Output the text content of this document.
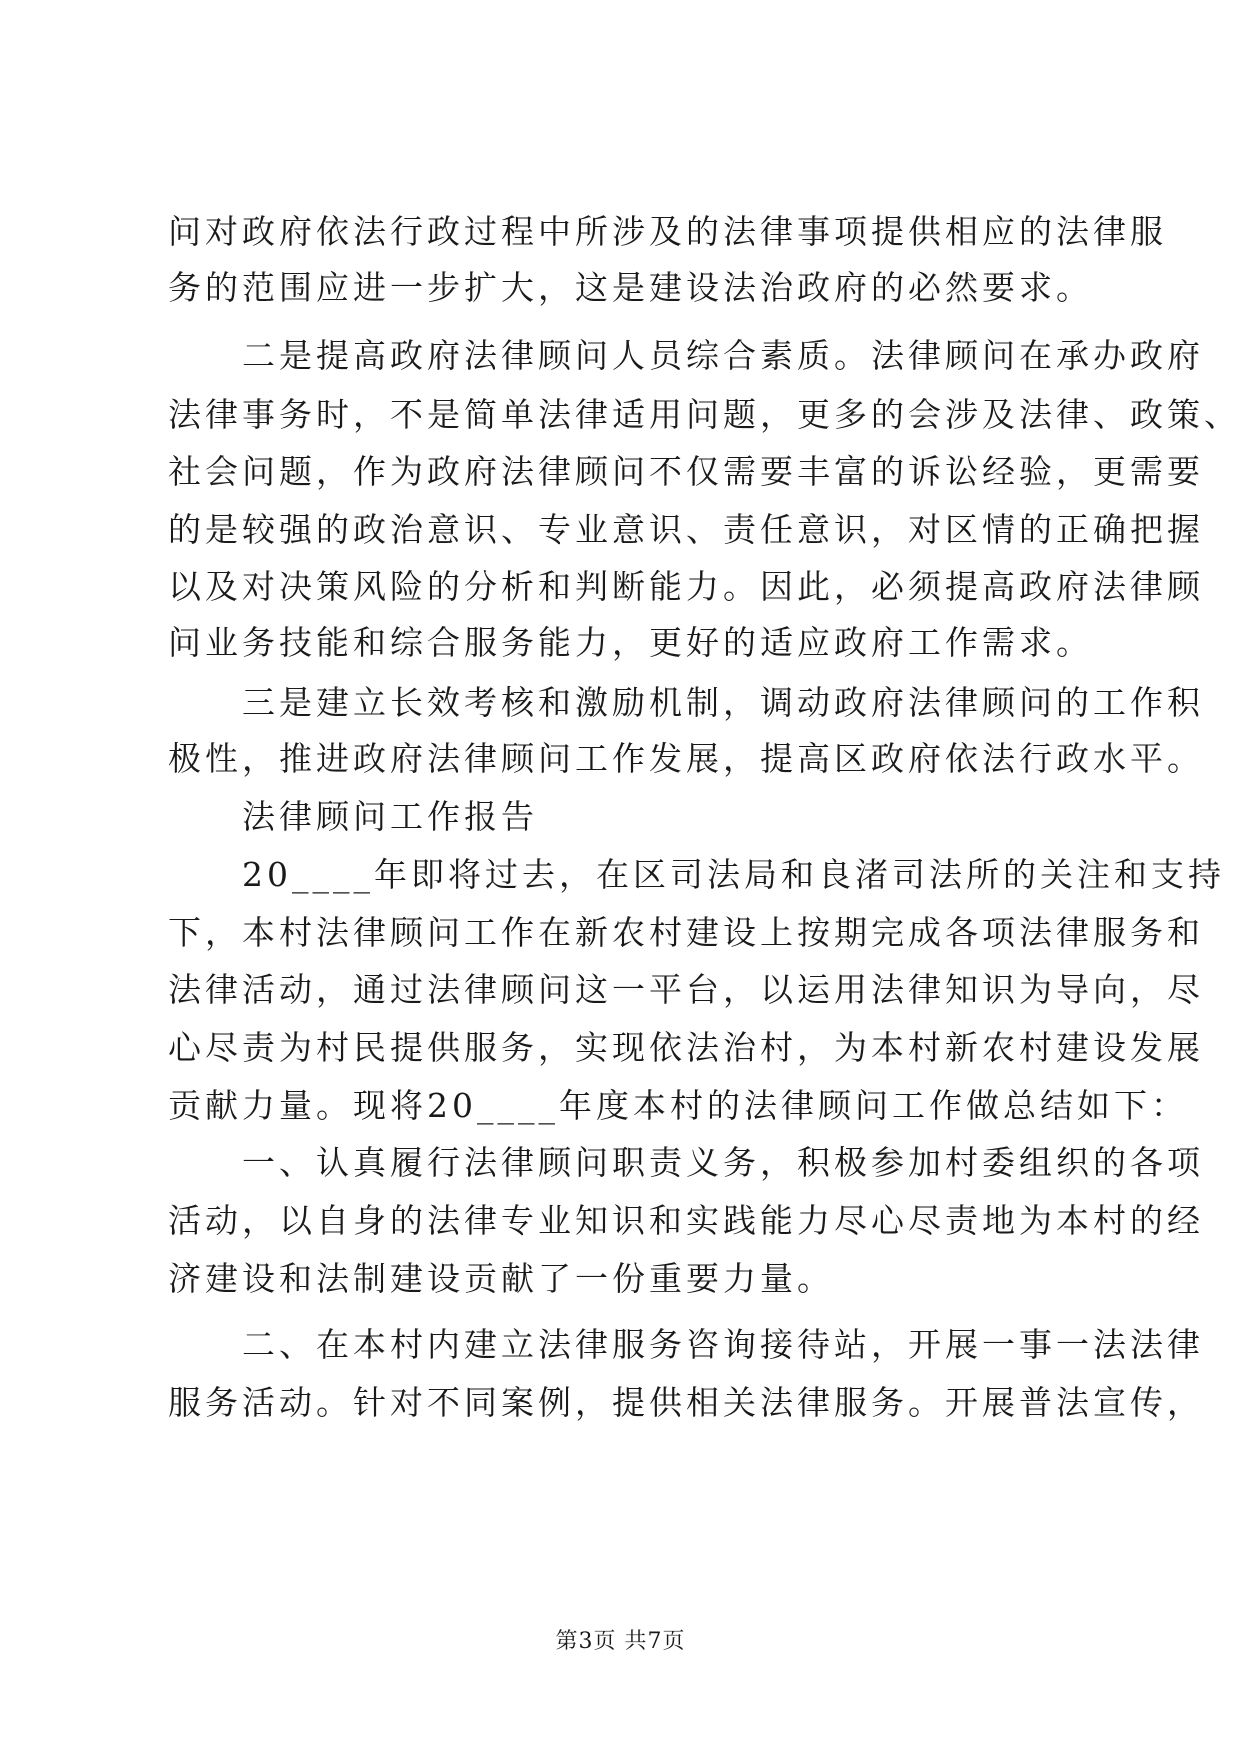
问对政府依法行政过程中所涉及的法律事项提供相应的法律服
务的范围应进一步扩大，这是建设法治政府的必然要求。
　　二是提高政府法律顾问人员综合素质。法律顾问在承办政府
法律事务时，不是简单法律适用问题，更多的会涉及法律、政策、
社会问题，作为政府法律顾问不仅需要丰富的诉讼经验，更需要
的是较强的政治意识、专业意识、责任意识，对区情的正确把握
以及对决策风险的分析和判断能力。因此，必须提高政府法律顾
问业务技能和综合服务能力，更好的适应政府工作需求。
　　三是建立长效考核和激励机制，调动政府法律顾问的工作积
极性，推进政府法律顾问工作发展，提高区政府依法行政水平。
　　法律顾问工作报告
　　20____年即将过去，在区司法局和良渚司法所的关注和支持
下，本村法律顾问工作在新农村建设上按期完成各项法律服务和
法律活动，通过法律顾问这一平台，以运用法律知识为导向，尽
心尽责为村民提供服务，实现依法治村，为本村新农村建设发展
贡献力量。现将20____年度本村的法律顾问工作做总结如下：
　　一、认真履行法律顾问职责义务，积极参加村委组织的各项
活动，以自身的法律专业知识和实践能力尽心尽责地为本村的经
济建设和法制建设贡献了一份重要力量。
　　二、在本村内建立法律服务咨询接待站，开展一事一法法律
服务活动。针对不同案例，提供相关法律服务。开展普法宣传，
第3页 共7页
